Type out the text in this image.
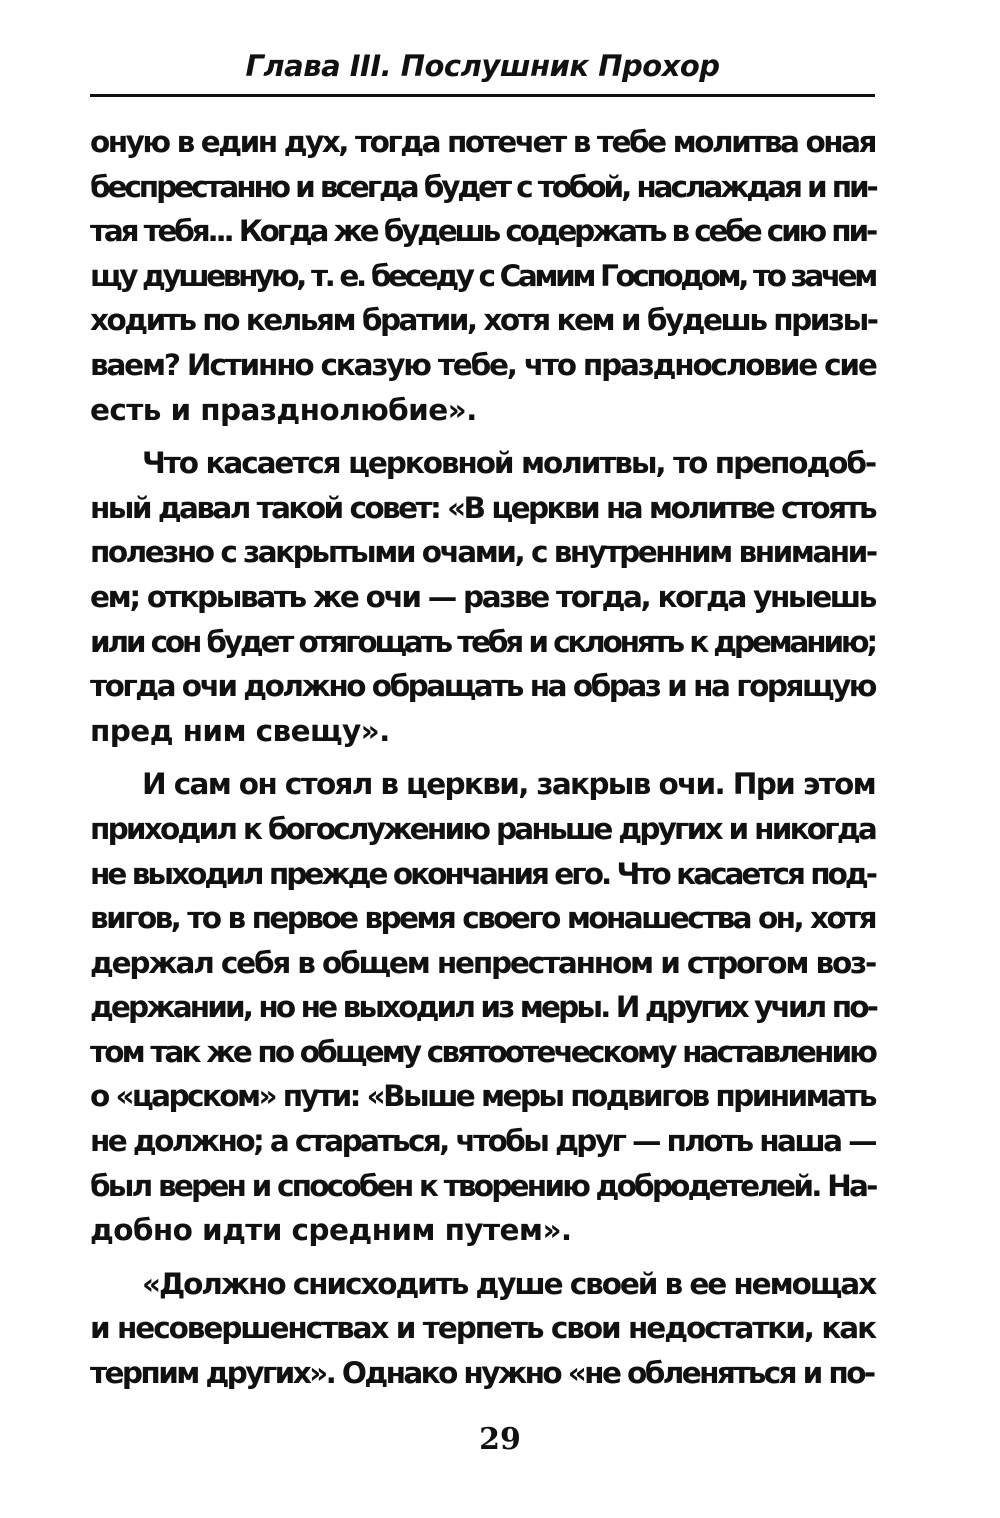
Глава III. Послушник Прохор
оную в един дух, тогда потечет в тебе молитва оная
беспрестанно и всегда будет с тобой, наслаждая и пи-
тая тебя... Когда же будешь содержать в себе сию пи-
щу душевную, т. е. беседу с Самим Господом, то зачем
ходить по кельям братии, хотя кем и будешь призы-
ваем? Истинно сказую тебе, что празднословие сие
есть и празднолюбие».
Что касается церковной молитвы, то преподоб-
ный давал такой совет: «В церкви на молитве стоять
полезно с закрытыми очами, с внутренним внимани-
ем; открывать же очи — разве тогда, когда уныешь
или сон будет отягощать тебя и склонять к дреманию;
тогда очи должно обращать на образ и на горящую
пред ним свещу».
И сам он стоял в церкви, закрыв очи. При этом
приходил к богослужению раньше других и никогда
не выходил прежде окончания его. Что касается под-
вигов, то в первое время своего монашества он, хотя
держал себя в общем непрестанном и строгом воз-
держании, но не выходил из меры. И других учил по-
том так же по общему святоотеческому наставлению
о «царском» пути: «Выше меры подвигов принимать
не должно; а стараться, чтобы друг — плоть наша —
был верен и способен к творению добродетелей. На-
добно идти средним путем».
«Должно снисходить душе своей в ее немощах
и несовершенствах и терпеть свои недостатки, как
терпим других». Однако нужно «не обленяться и по-
29
